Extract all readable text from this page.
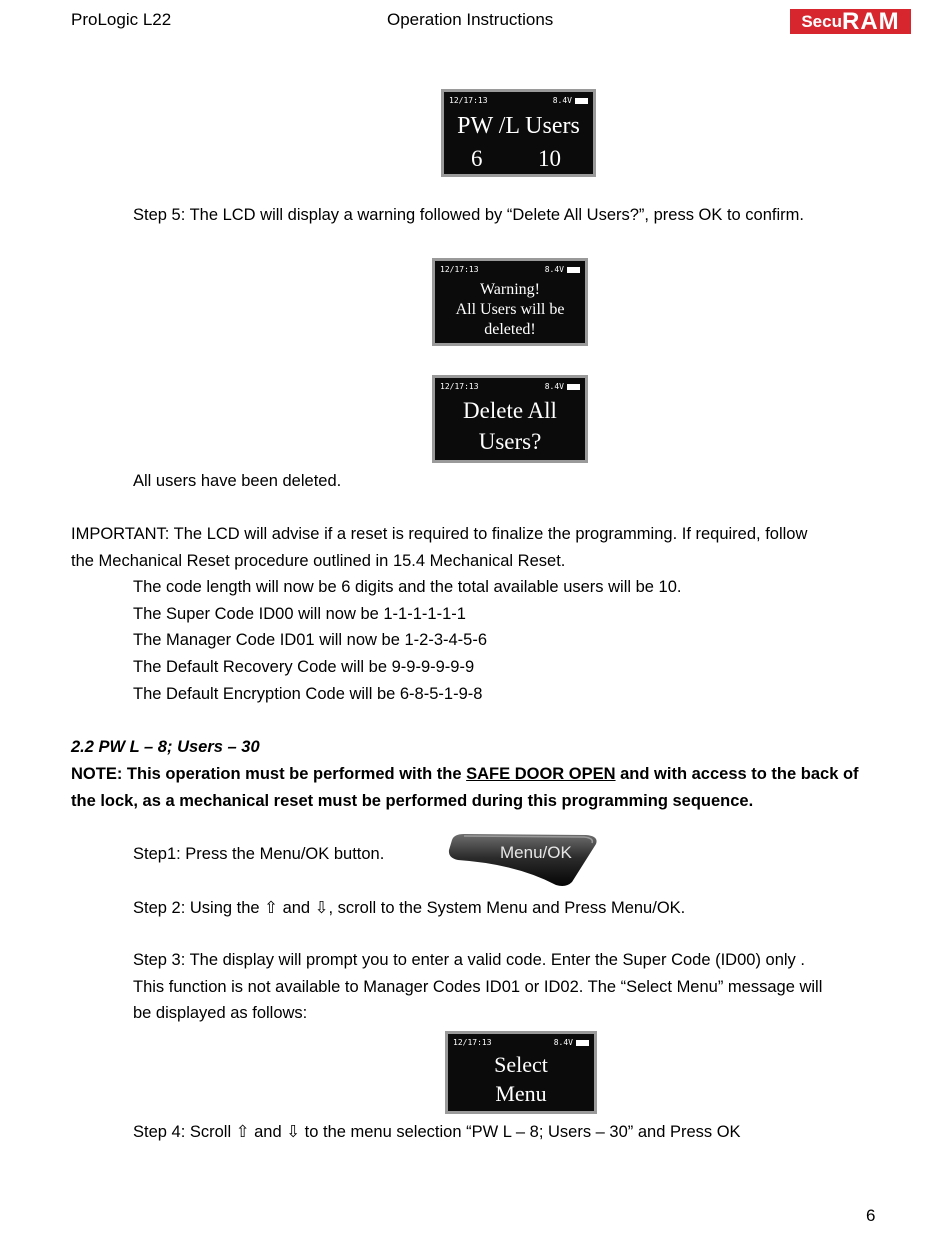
ProLogic L22	Operation Instructions	Secu RAM
12/17:13	8.4V
PW /L Users
6 10
Step 5: The LCD will display a warning followed by “Delete All Users?”, press OK to confirm.
12/17:13	8.4V
Warning!
All Users will be
deleted!
12/17:13	8.4V
Delete All
Users?
All users have been deleted.
IMPORTANT: The LCD will advise if a reset is required to finalize the programming. If required, follow
the Mechanical Reset procedure outlined in 15.4 Mechanical Reset.
The code length will now be 6 digits and the total available users will be 10.
The Super Code ID00 will now be 1-1-1-1-1-1
The Manager Code ID01 will now be 1-2-3-4-5-6
The Default Recovery Code will be 9-9-9-9-9-9
The Default Encryption Code will be 6-8-5-1-9-8
2.2 PW L – 8; Users – 30
NOTE: This operation must be performed with the SAFE DOOR OPEN and with access to the back of
the lock, as a mechanical reset must be performed during this programming sequence.
Step1: Press the Menu/OK button.	Menu/OK
Step 2: Using the ⇧ and ⇩, scroll to the System Menu and Press Menu/OK.
Step 3: The display will prompt you to enter a valid code. Enter the Super Code (ID00) only .
This function is not available to Manager Codes ID01 or ID02. The “Select Menu” message will
be displayed as follows:
12/17:13	8.4V
Select
Menu
Step 4: Scroll ⇧ and ⇩ to the menu selection “PW L – 8; Users – 30” and Press OK
6
